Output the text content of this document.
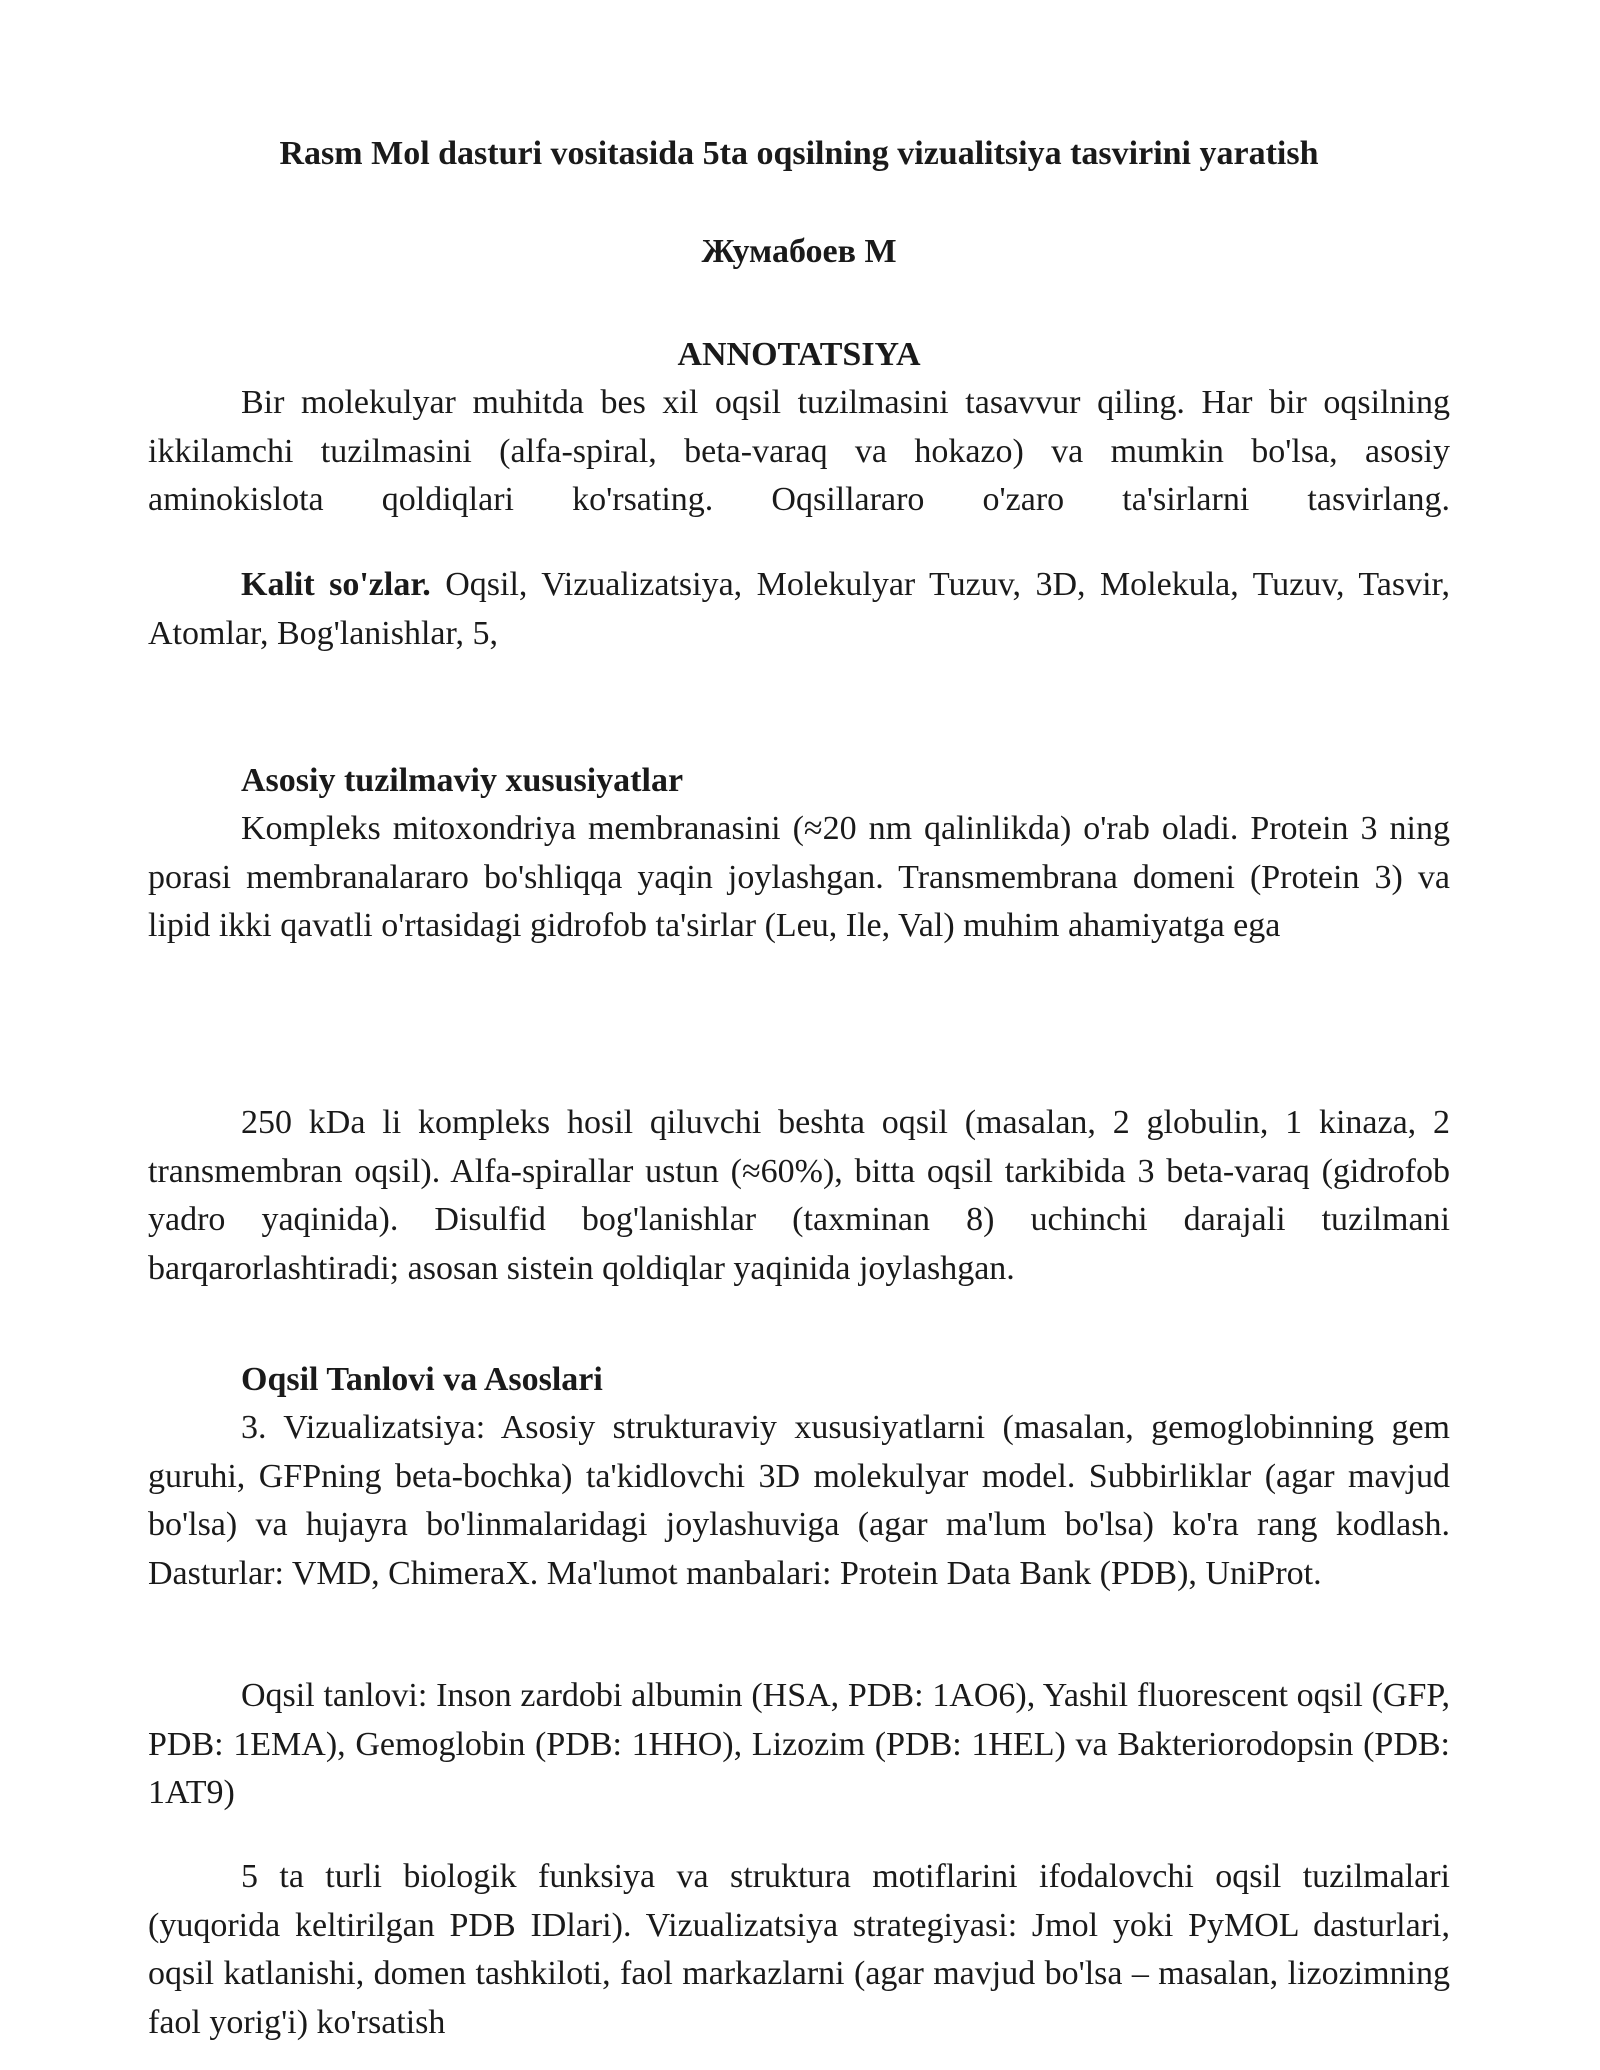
Rasm Mol dasturi vositasida 5ta oqsilning vizualitsiya tasvirini yaratish
Жумабоев М
ANNOTATSIYA

Bir molekulyar muhitda bes xil oqsil tuzilmasini tasavvur qiling. Har bir oqsilning ikkilamchi tuzilmasini (alfa-spiral, beta-varaq va hokazo) va mumkin bo'lsa, asosiy aminokislota qoldiqlari ko'rsating. Oqsillararo o'zaro ta'sirlarni tasvirlang.

Kalit so'zlar. Oqsil, Vizualizatsiya, Molekulyar Tuzuv, 3D, Molekula, Tuzuv, Tasvir, Atomlar, Bog'lanishlar, 5,

Asosiy tuzilmaviy xususiyatlar

Kompleks mitoxondriya membranasini (≈20 nm qalinlikda) o'rab oladi. Protein 3 ning porasi membranalararo bo'shliqqa yaqin joylashgan. Transmembrana domeni (Protein 3) va lipid ikki qavatli o'rtasidagi gidrofob ta'sirlar (Leu, Ile, Val) muhim ahamiyatga ega

250 kDa li kompleks hosil qiluvchi beshta oqsil (masalan, 2 globulin, 1 kinaza, 2 transmembran oqsil). Alfa-spirallar ustun (≈60%), bitta oqsil tarkibida 3 beta-varaq (gidrofob yadro yaqinida). Disulfid bog'lanishlar (taxminan 8) uchinchi darajali tuzilmani barqarorlashtiradi; asosan sistein qoldiqlar yaqinida joylashgan.

Oqsil Tanlovi va Asoslari

3. Vizualizatsiya: Asosiy strukturaviy xususiyatlarni (masalan, gemoglobinning gem guruhi, GFPning beta-bochka) ta'kidlovchi 3D molekulyar model. Subbirliklar (agar mavjud bo'lsa) va hujayra bo'linmalaridagi joylashuviga (agar ma'lum bo'lsa) ko'ra rang kodlash. Dasturlar: VMD, ChimeraX. Ma'lumot manbalari: Protein Data Bank (PDB), UniProt.

Oqsil tanlovi: Inson zardobi albumin (HSA, PDB: 1AO6), Yashil fluorescent oqsil (GFP, PDB: 1EMA), Gemoglobin (PDB: 1HHO), Lizozim (PDB: 1HEL) va Bakteriorodopsin (PDB: 1AT9)

5 ta turli biologik funksiya va struktura motiflarini ifodalovchi oqsil tuzilmalari (yuqorida keltirilgan PDB IDlari). Vizualizatsiya strategiyasi: Jmol yoki PyMOL dasturlari, oqsil katlanishi, domen tashkiloti, faol markazlarni (agar mavjud bo'lsa – masalan, lizozimning faol yorig'i) ko'rsatish
